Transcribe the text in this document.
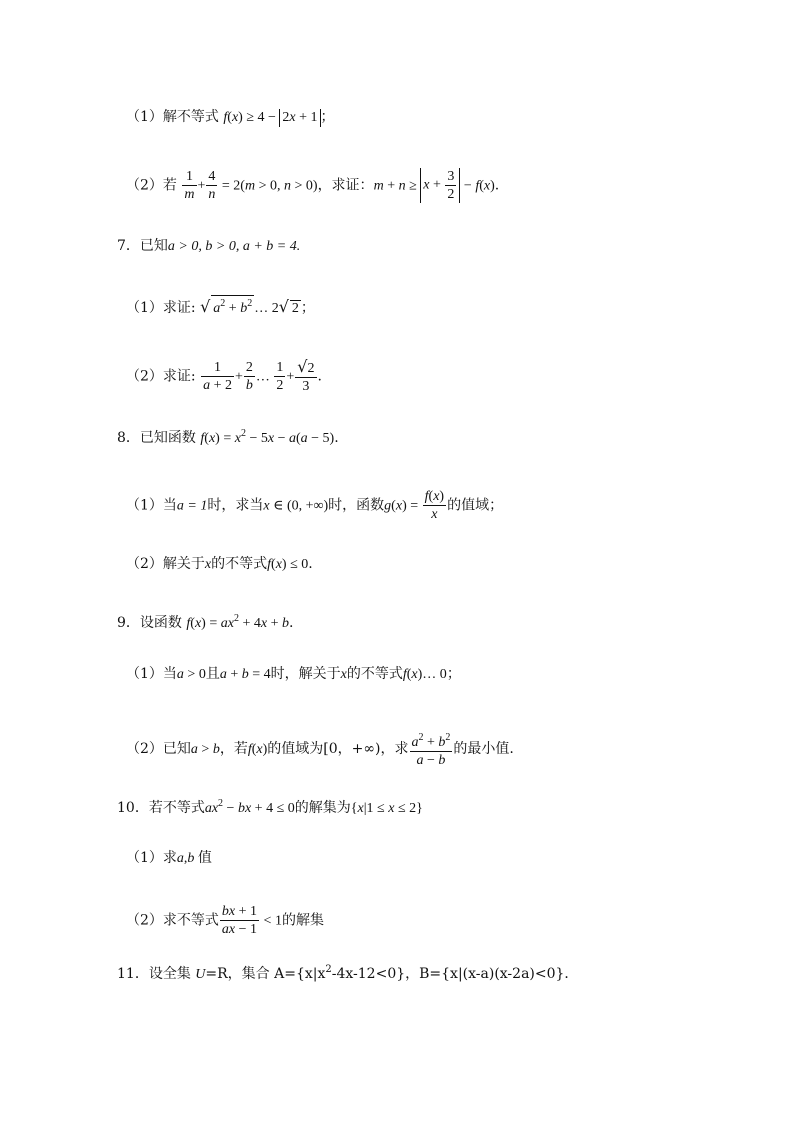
（1）解不等式 f(x) ≥ 4 − 2x + 1 ；
（2）若 $\frac{1}{m} + \frac{4}{n} = 2(m > 0$, n > 0)，求证：$m + n \ge x + \frac{3}{2} - f(x)$.
7．已知a > 0, b > 0, a + b = 4.
（1）求证: √ $a^2 + b^2$ … 2√ 2 ；
（2）求证: $\frac{1}{a + 2} + \frac{2}{b}$ … $\frac{1}{2} + \frac{√2}{3}$ .
8．已知函数 $f(x) = x^2 - 5x - a(a - 5)$.
（1）当a = 1时，求当x ∈ (0, +∞)时，函数$g(x) = \frac{f(x)}{x}$ 的值域；
（2）解关于x的不等式f(x) ≤ 0.
9．设函数 $f(x) = ax^2 + 4x + b$.
（1）当a > 0且a + b = 4时，解关于x的不等式f(x)… 0；
（2）已知a > b，若f(x)的值域为[0，+∞)，求 $\frac{a^2 + b^2}{a - b}$ 的最小值.
10．若不等式$ax^2$ − bx + 4 ≤ 0的解集为{x|1 ≤ x ≤ 2}
（1）求a,b 值
（2）求不等式 $\frac{bx + 1}{ax - 1} < 1$的解集
11．设全集 U=R，集合 $A=\{x|x^2-4x-12<0\}$，B={x|(x-a)(x-2a)<0}．
